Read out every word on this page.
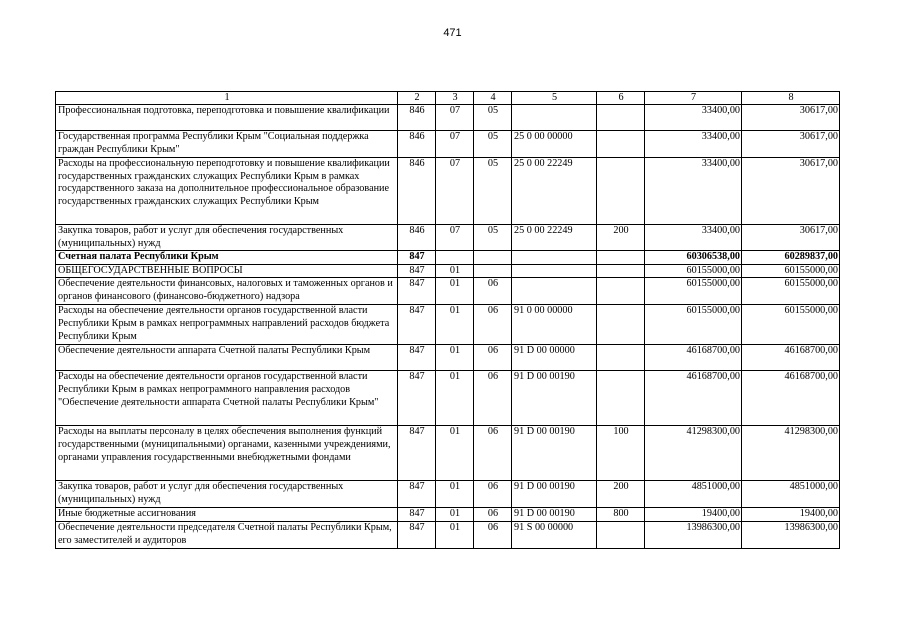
471
1	2	3	4	5	6	7	8
Профессиональная подготовка, переподготовка и повышение квалификации	846	07	05			33400,00	30617,00
Государственная программа Республики Крым "Социальная поддержка граждан Республики Крым"	846	07	05	25 0 00 00000		33400,00	30617,00
Расходы на профессиональную переподготовку и повышение квалификации государственных гражданских служащих Республики Крым в рамках государственного заказа на дополнительное профессиональное образование государственных гражданских служащих Республики Крым	846	07	05	25 0 00 22249		33400,00	30617,00
Закупка товаров, работ и услуг для обеспечения государственных (муниципальных) нужд	846	07	05	25 0 00 22249	200	33400,00	30617,00
Счетная палата Республики Крым	847					60306538,00	60289837,00
ОБЩЕГОСУДАРСТВЕННЫЕ ВОПРОСЫ	847	01				60155000,00	60155000,00
Обеспечение деятельности финансовых, налоговых и таможенных органов и органов финансового (финансово-бюджетного) надзора	847	01	06			60155000,00	60155000,00
Расходы на обеспечение деятельности органов государственной власти Республики Крым в рамках непрограммных направлений расходов бюджета Республики Крым	847	01	06	91 0 00 00000		60155000,00	60155000,00
Обеспечение деятельности аппарата Счетной палаты Республики Крым	847	01	06	91 D 00 00000		46168700,00	46168700,00
Расходы на обеспечение деятельности органов государственной власти Республики Крым в рамках непрограммного направления расходов "Обеспечение деятельности аппарата Счетной палаты Республики Крым"	847	01	06	91 D 00 00190		46168700,00	46168700,00
Расходы на выплаты персоналу в целях обеспечения выполнения функций государственными (муниципальными) органами, казенными учреждениями, органами управления государственными внебюджетными фондами	847	01	06	91 D 00 00190	100	41298300,00	41298300,00
Закупка товаров, работ и услуг для обеспечения государственных (муниципальных) нужд	847	01	06	91 D 00 00190	200	4851000,00	4851000,00
Иные бюджетные ассигнования	847	01	06	91 D 00 00190	800	19400,00	19400,00
Обеспечение деятельности председателя Счетной палаты Республики Крым, его заместителей и аудиторов	847	01	06	91 S 00 00000		13986300,00	13986300,00
